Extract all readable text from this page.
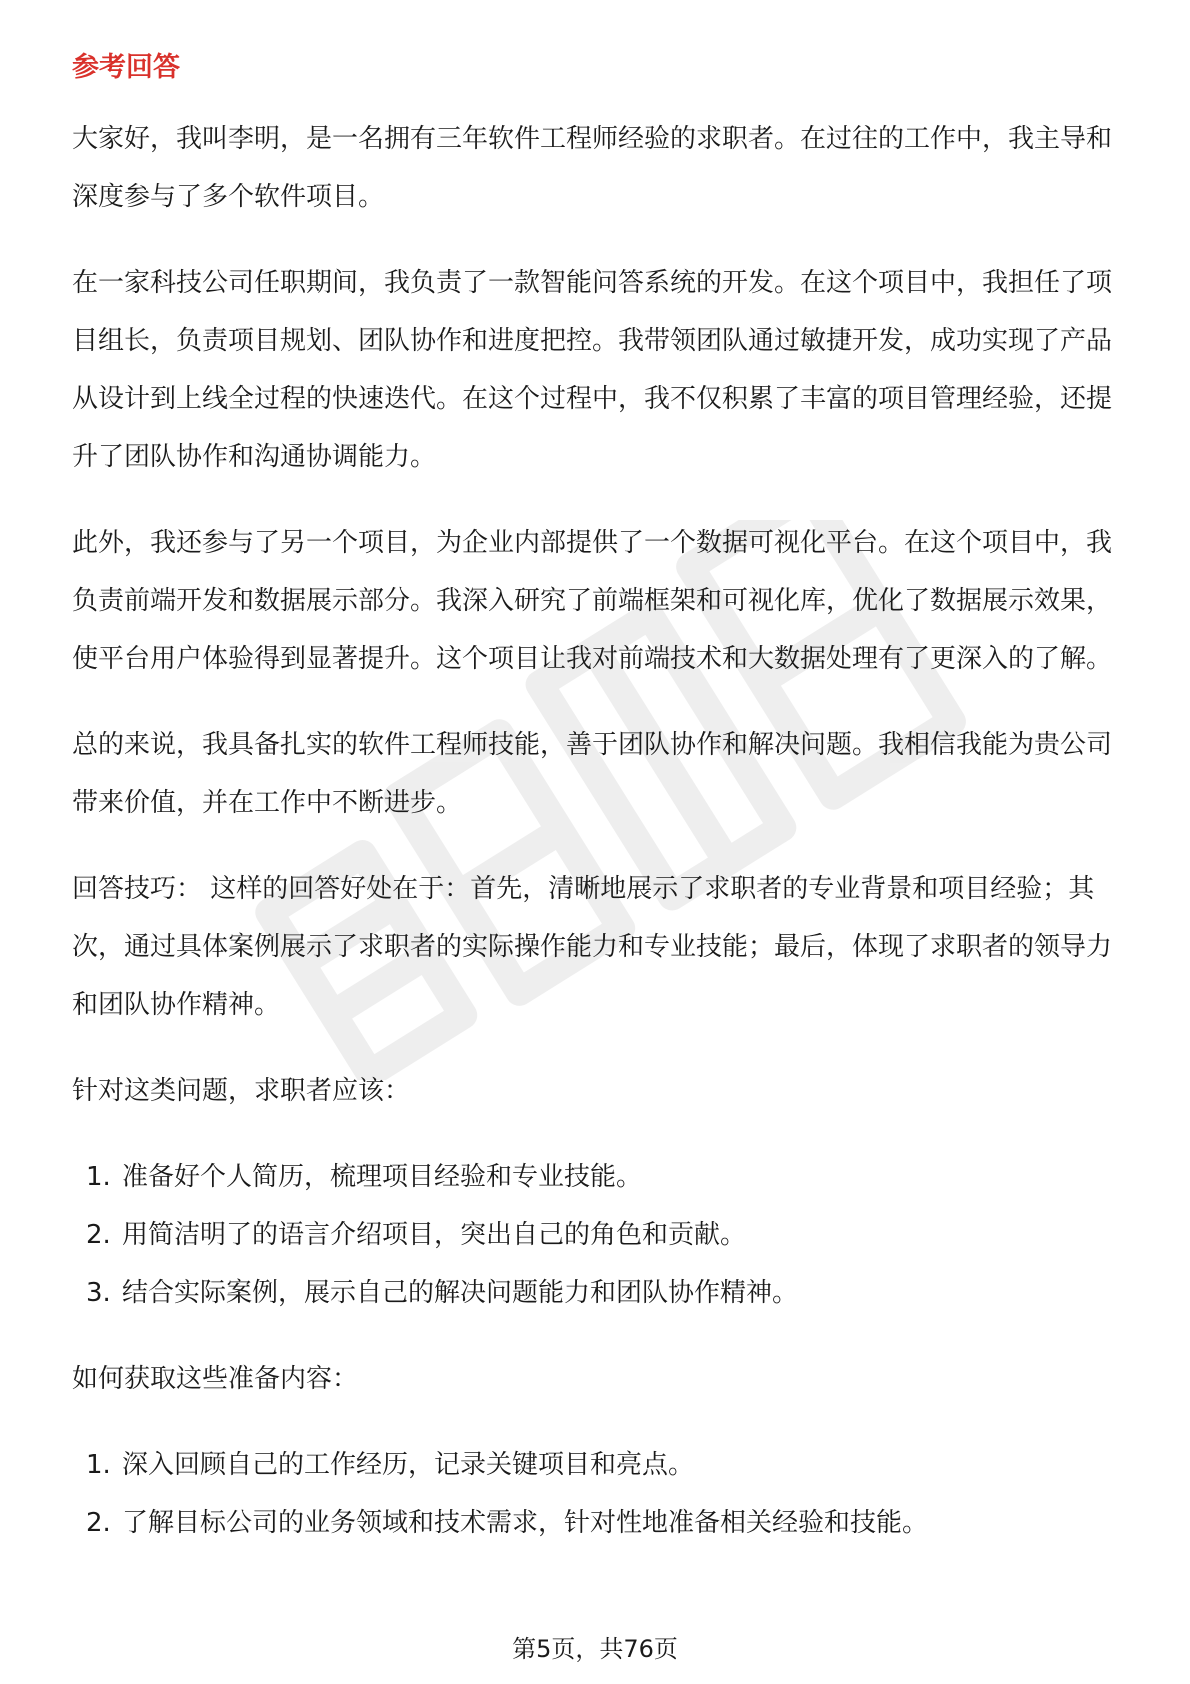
参考回答

大家好，我叫李明，是一名拥有三年软件工程师经验的求职者。在过往的工作中，我主导和深度参与了多个软件项目。

在一家科技公司任职期间，我负责了一款智能问答系统的开发。在这个项目中，我担任了项目组长，负责项目规划、团队协作和进度把控。我带领团队通过敏捷开发，成功实现了产品从设计到上线全过程的快速迭代。在这个过程中，我不仅积累了丰富的项目管理经验，还提升了团队协作和沟通协调能力。

此外，我还参与了另一个项目，为企业内部提供了一个数据可视化平台。在这个项目中，我负责前端开发和数据展示部分。我深入研究了前端框架和可视化库，优化了数据展示效果，使平台用户体验得到显著提升。这个项目让我对前端技术和大数据处理有了更深入的了解。

总的来说，我具备扎实的软件工程师技能，善于团队协作和解决问题。我相信我能为贵公司带来价值，并在工作中不断进步。

回答技巧： 这样的回答好处在于：首先，清晰地展示了求职者的专业背景和项目经验；其次，通过具体案例展示了求职者的实际操作能力和专业技能；最后，体现了求职者的领导力和团队协作精神。

针对这类问题，求职者应该：

1. 准备好个人简历，梳理项目经验和专业技能。
2. 用简洁明了的语言介绍项目，突出自己的角色和贡献。
3. 结合实际案例，展示自己的解决问题能力和团队协作精神。

如何获取这些准备内容：

1. 深入回顾自己的工作经历，记录关键项目和亮点。
2. 了解目标公司的业务领域和技术需求，针对性地准备相关经验和技能。
第5页，共76页
